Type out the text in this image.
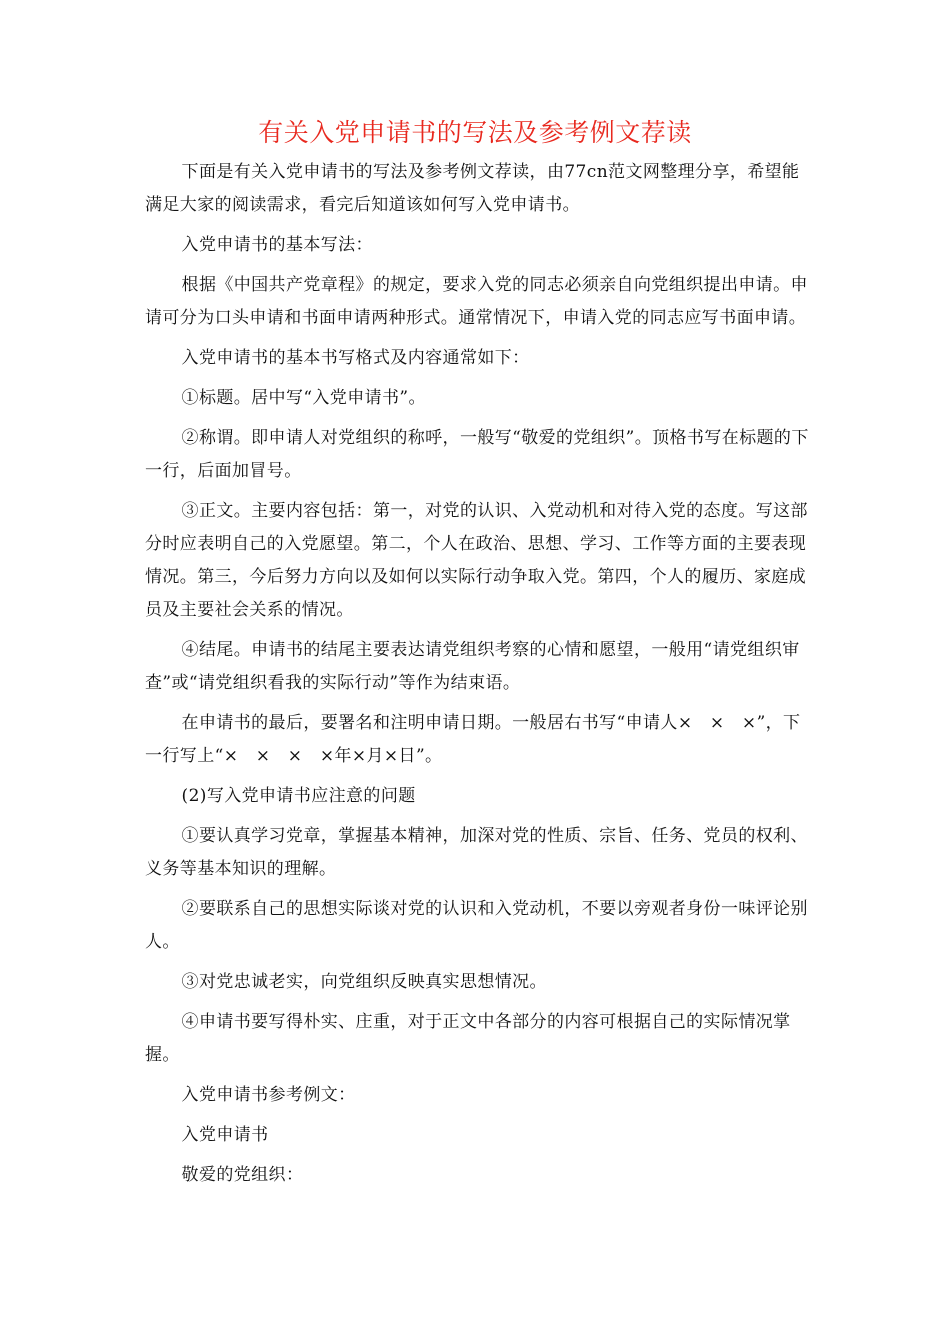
有关入党申请书的写法及参考例文荐读

下面是有关入党申请书的写法及参考例文荐读，由77cn范文网整理分享，希望能满足大家的阅读需求，看完后知道该如何写入党申请书。

入党申请书的基本写法：

根据《中国共产党章程》的规定，要求入党的同志必须亲自向党组织提出申请。申请可分为口头申请和书面申请两种形式。通常情况下，申请入党的同志应写书面申请。

入党申请书的基本书写格式及内容通常如下：

①标题。居中写“入党申请书”。

②称谓。即申请人对党组织的称呼，一般写“敬爱的党组织”。顶格书写在标题的下一行，后面加冒号。

③正文。主要内容包括：第一，对党的认识、入党动机和对待入党的态度。写这部分时应表明自己的入党愿望。第二，个人在政治、思想、学习、工作等方面的主要表现情况。第三，今后努力方向以及如何以实际行动争取入党。第四，个人的履历、家庭成员及主要社会关系的情况。

④结尾。申请书的结尾主要表达请党组织考察的心情和愿望，一般用“请党组织审查”或“请党组织看我的实际行动”等作为结束语。

在申请书的最后，要署名和注明申请日期。一般居右书写“申请人×　×　×”，下一行写上“×　×　×　×年×月×日”。

(2)写入党申请书应注意的问题

①要认真学习党章，掌握基本精神，加深对党的性质、宗旨、任务、党员的权利、义务等基本知识的理解。

②要联系自己的思想实际谈对党的认识和入党动机，不要以旁观者身份一味评论别人。

③对党忠诚老实，向党组织反映真实思想情况。

④申请书要写得朴实、庄重，对于正文中各部分的内容可根据自己的实际情况掌握。

入党申请书参考例文：

入党申请书

敬爱的党组织：
